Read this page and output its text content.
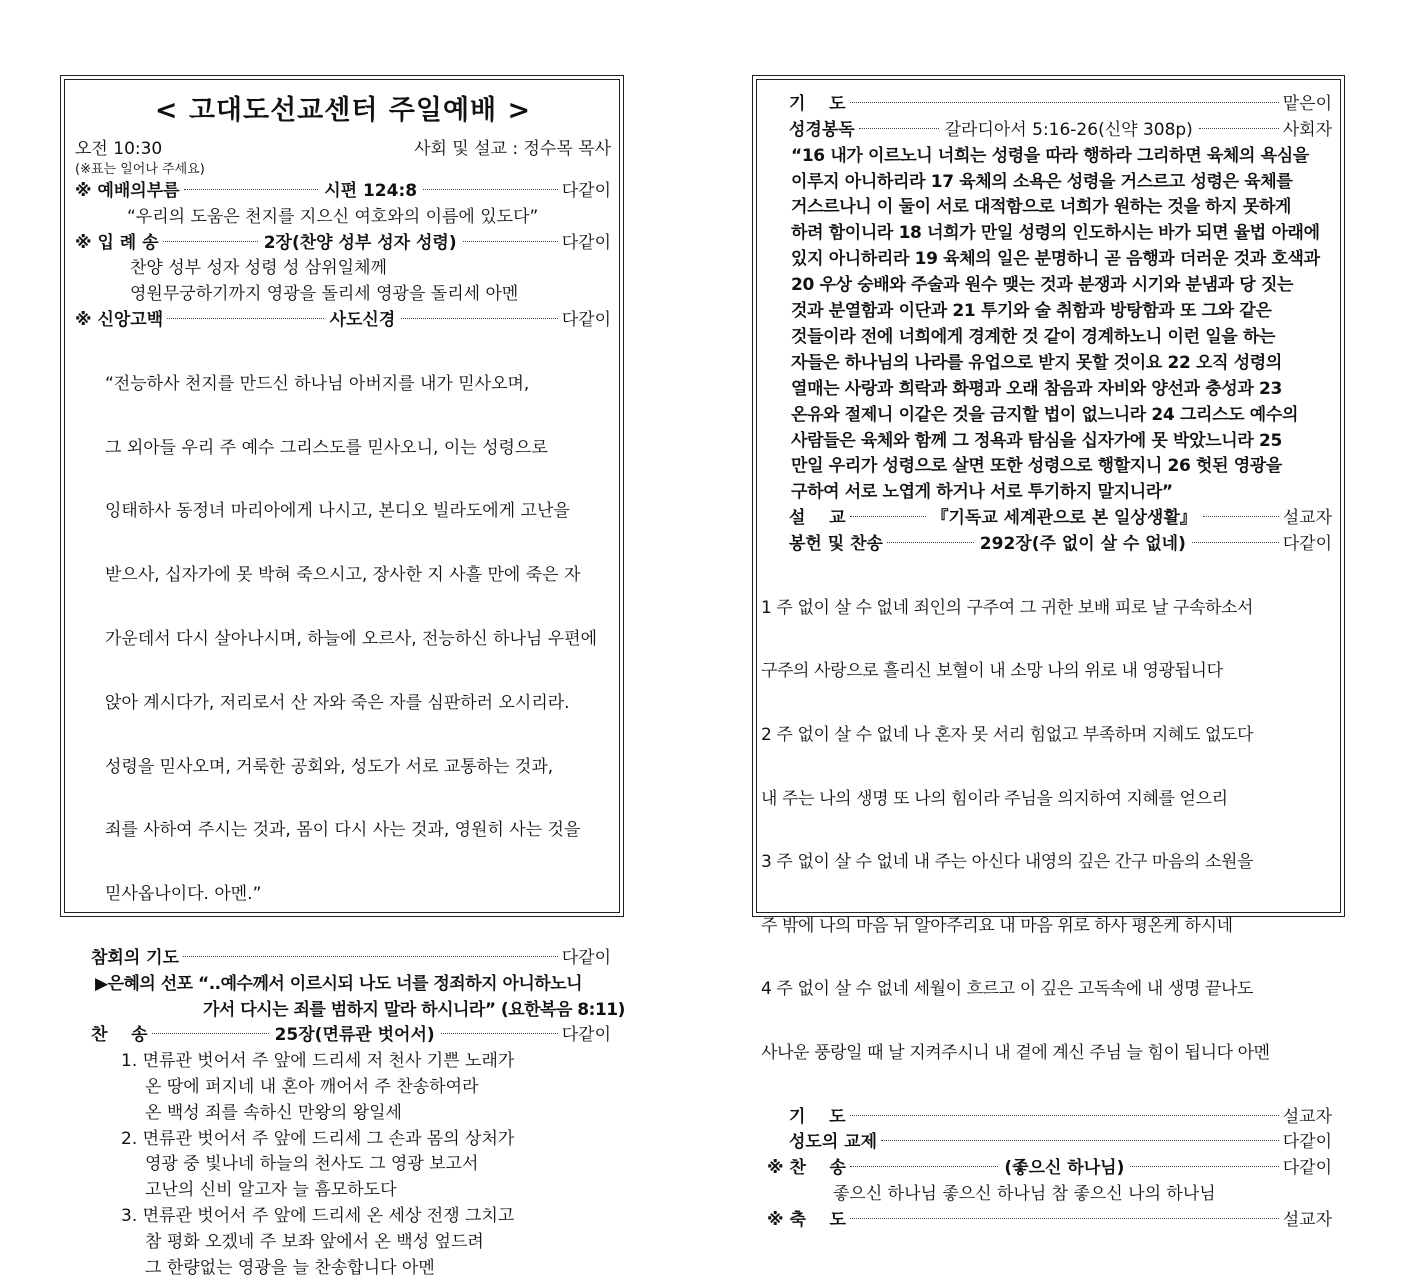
< 고대도선교센터 주일예배 >
오전 10:30	사회 및 설교 : 정수목 목사
(※표는 일어나 주세요)
※ 예배의부름	시편 124:8	다같이
“우리의 도움은 천지를 지으신 여호와의 이름에 있도다”
※ 입 례 송	2장(찬양 성부 성자 성령)	다같이
찬양 성부 성자 성령 성 삼위일체께
영원무궁하기까지 영광을 돌리세 영광을 돌리세 아멘
※ 신앙고백	사도신경	다같이

“전능하사 천지를 만드신 하나님 아버지를 내가 믿사오며,

그 외아들 우리 주 예수 그리스도를 믿사오니, 이는 성령으로

잉태하사 동정녀 마리아에게 나시고, 본디오 빌라도에게 고난을

받으사, 십자가에 못 박혀 죽으시고, 장사한 지 사흘 만에 죽은 자

가운데서 다시 살아나시며, 하늘에 오르사, 전능하신 하나님 우편에

앉아 계시다가, 저리로서 산 자와 죽은 자를 심판하러 오시리라.

성령을 믿사오며, 거룩한 공회와, 성도가 서로 교통하는 것과,

죄를 사하여 주시는 것과, 몸이 다시 사는 것과, 영원히 사는 것을

믿사옵나이다. 아멘.”

참회의 기도	다같이
▶은혜의 선포 “..예수께서 이르시되 나도 너를 정죄하지 아니하노니
가서 다시는 죄를 범하지 말라 하시니라” (요한복음 8:11)
찬    송	25장(면류관 벗어서)	다같이
1. 면류관 벗어서 주 앞에 드리세 저 천사 기쁜 노래가
온 땅에 퍼지네 내 혼아 깨어서 주 찬송하여라
온 백성 죄를 속하신 만왕의 왕일세
2. 면류관 벗어서 주 앞에 드리세 그 손과 몸의 상처가
영광 중 빛나네 하늘의 천사도 그 영광 보고서
고난의 신비 알고자 늘 흠모하도다
3. 면류관 벗어서 주 앞에 드리세 온 세상 전쟁 그치고
참 평화 오겠네 주 보좌 앞에서 온 백성 엎드려
그 한량없는 영광을 늘 찬송합니다 아멘
기    도	맡은이
성경봉독	갈라디아서 5:16-26(신약 308p)	사회자
“16 내가 이르노니 너희는 성령을 따라 행하라 그리하면 육체의 욕심을
이루지 아니하리라 17 육체의 소욕은 성령을 거스르고 성령은 육체를
거스르나니 이 둘이 서로 대적함으로 너희가 원하는 것을 하지 못하게
하려 함이니라 18 너희가 만일 성령의 인도하시는 바가 되면 율법 아래에
있지 아니하리라 19 육체의 일은 분명하니 곧 음행과 더러운 것과 호색과
20 우상 숭배와 주술과 원수 맺는 것과 분쟁과 시기와 분냄과 당 짓는
것과 분열함과 이단과 21 투기와 술 취함과 방탕함과 또 그와 같은
것들이라 전에 너희에게 경계한 것 같이 경계하노니 이런 일을 하는
자들은 하나님의 나라를 유업으로 받지 못할 것이요 22 오직 성령의
열매는 사랑과 희락과 화평과 오래 참음과 자비와 양선과 충성과 23
온유와 절제니 이같은 것을 금지할 법이 없느니라 24 그리스도 예수의
사람들은 육체와 함께 그 정욕과 탐심을 십자가에 못 박았느니라 25
만일 우리가 성령으로 살면 또한 성령으로 행할지니 26 헛된 영광을
구하여 서로 노엽게 하거나 서로 투기하지 말지니라”
설    교	『기독교 세계관으로 본 일상생활』	설교자
봉헌 및 찬송	292장(주 없이 살 수 없네)	다같이

1 주 없이 살 수 없네 죄인의 구주여 그 귀한 보배 피로 날 구속하소서

구주의 사랑으로 흘리신 보혈이 내 소망 나의 위로 내 영광됩니다

2 주 없이 살 수 없네 나 혼자 못 서리 힘없고 부족하며 지혜도 없도다

내 주는 나의 생명 또 나의 힘이라 주님을 의지하여 지혜를 얻으리

3 주 없이 살 수 없네 내 주는 아신다 내영의 깊은 간구 마음의 소원을

주 밖에 나의 마음 뉘 알아주리요 내 마음 위로 하사 평온케 하시네

4 주 없이 살 수 없네 세월이 흐르고 이 깊은 고독속에 내 생명 끝나도

사나운 풍랑일 때 날 지켜주시니 내 곁에 계신 주님 늘 힘이 됩니다 아멘

기    도	설교자
성도의 교제	다같이
※ 찬    송	(좋으신 하나님)	다같이
좋으신 하나님 좋으신 하나님 참 좋으신 나의 하나님
※ 축    도	설교자
